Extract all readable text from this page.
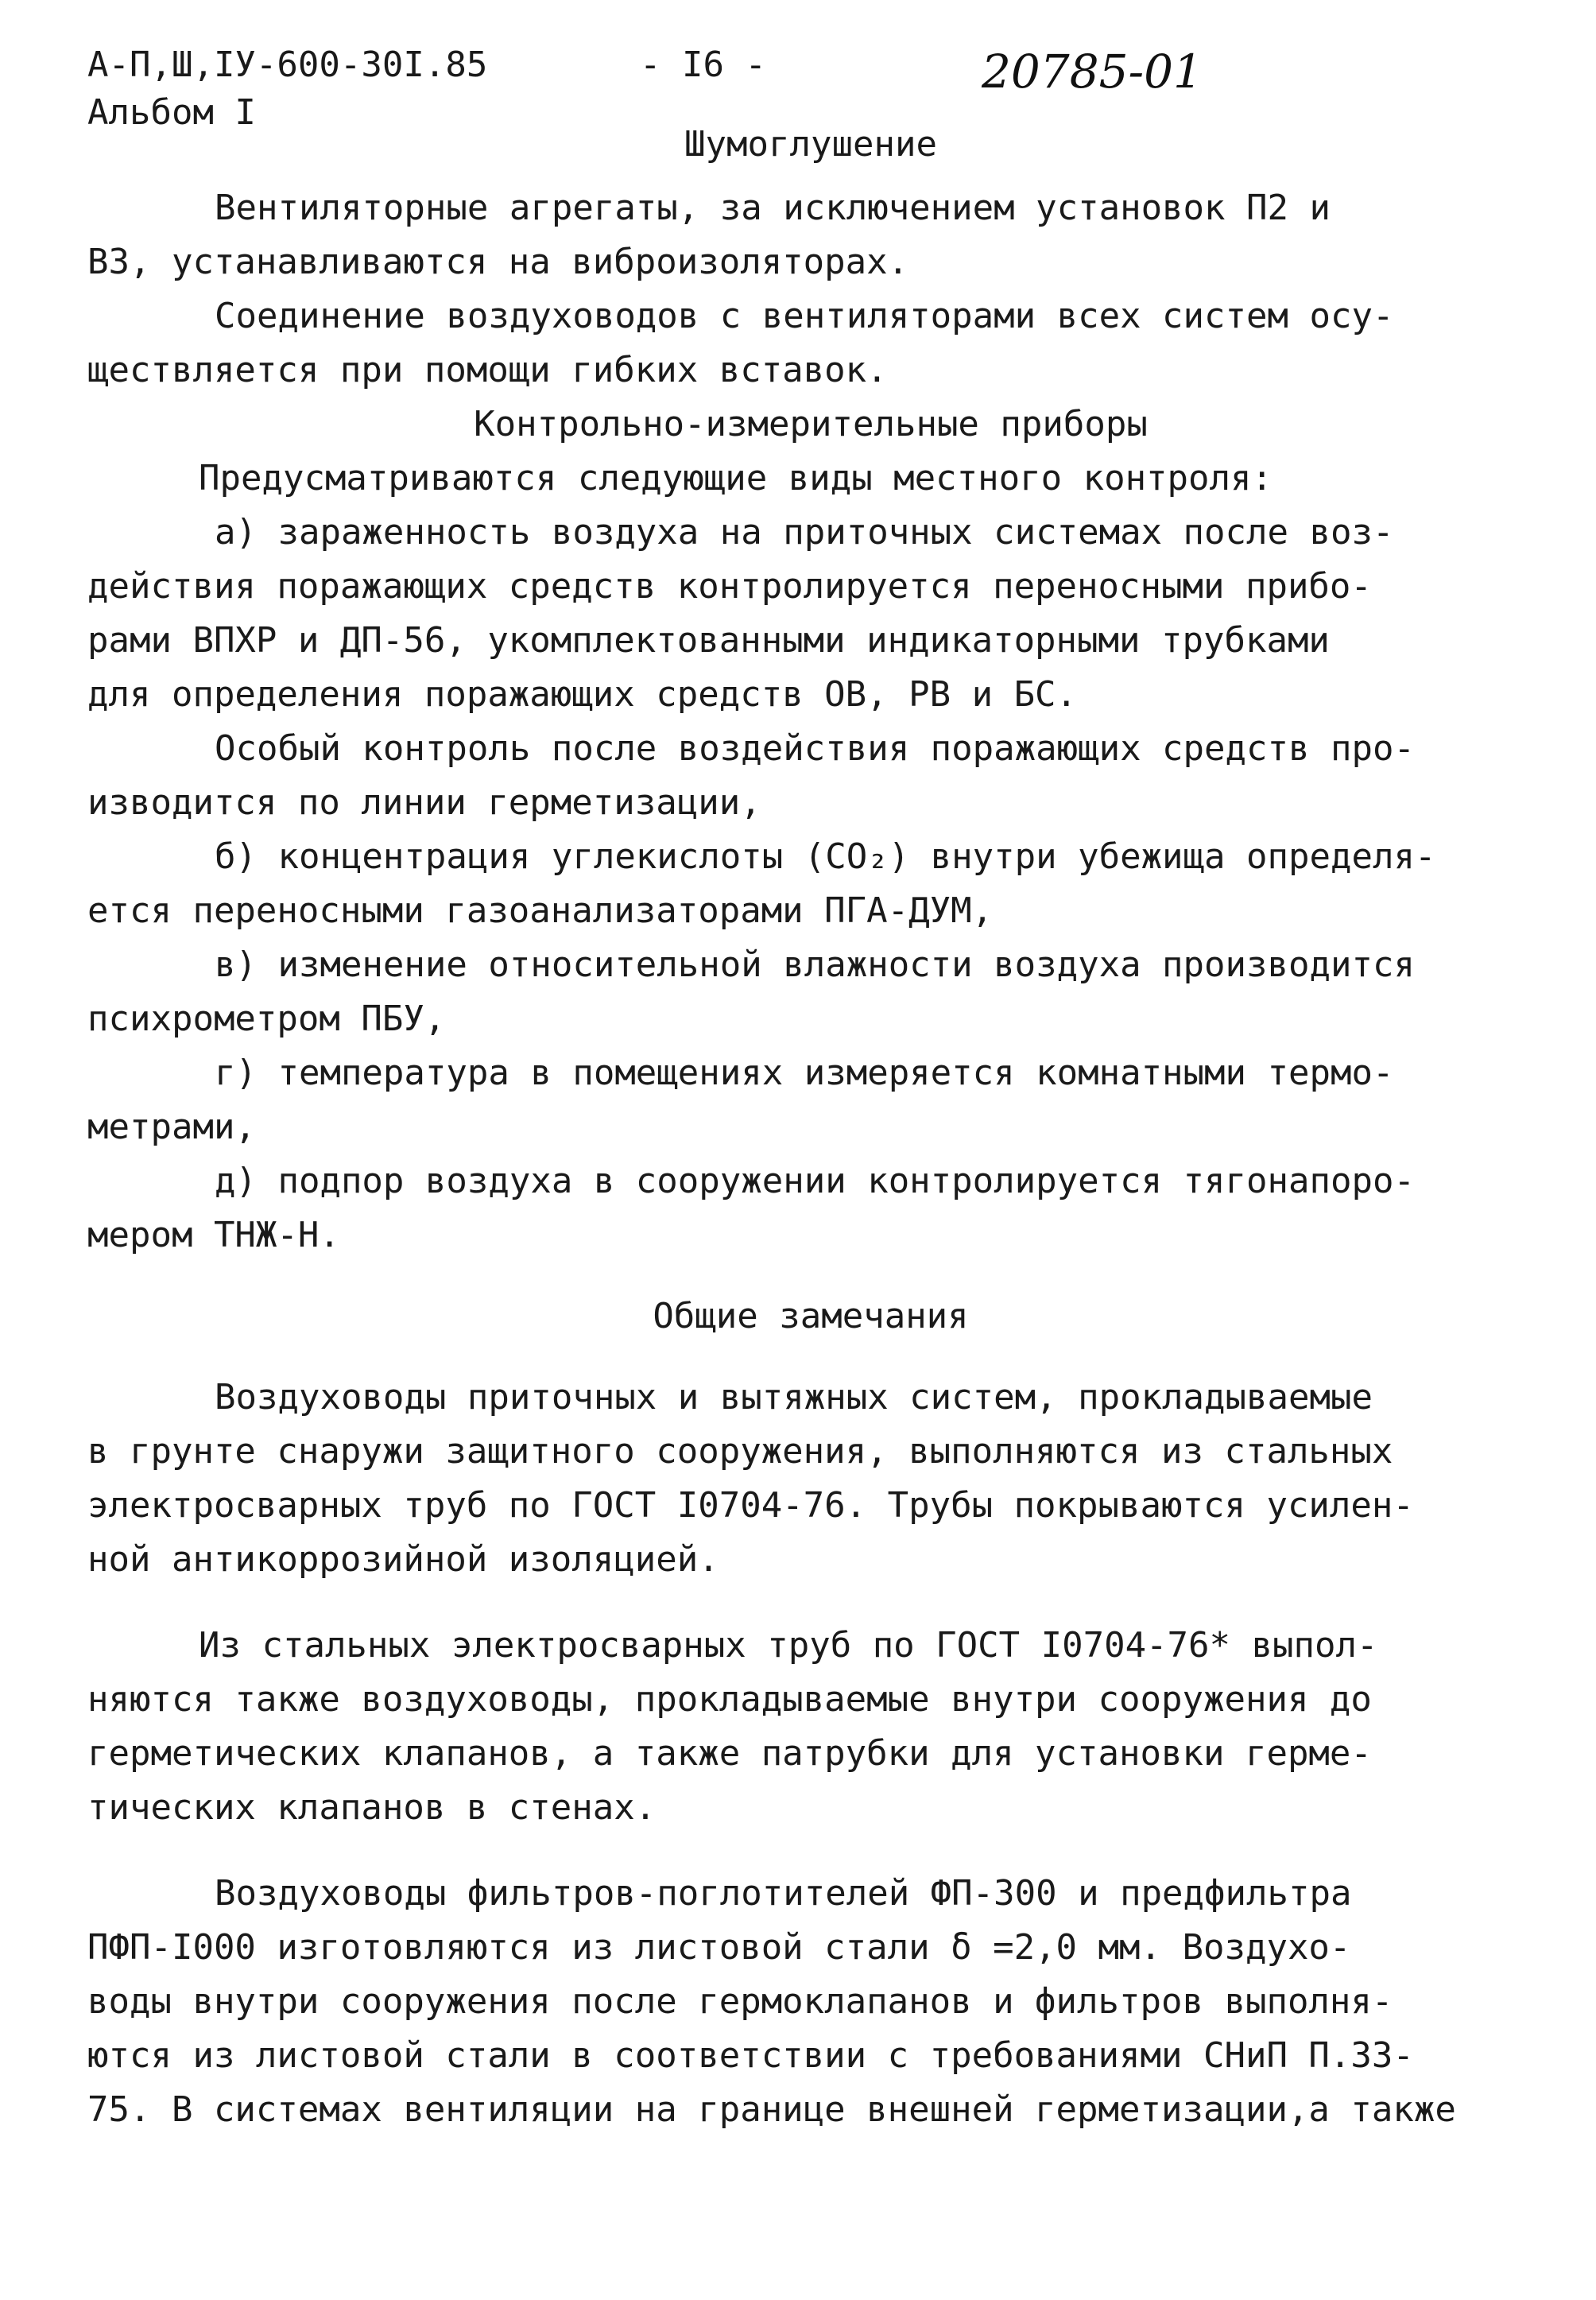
А-П,Ш,IУ-600-30I.85
Альбом I
- I6 -	20785-01
Шумоглушение

Вентиляторные агрегаты, за исключением установок П2 и
В3, устанавливаются на виброизоляторах.

Соединение воздуховодов с вентиляторами всех систем осу-
ществляется при помощи гибких вставок.

Контрольно-измерительные приборы

Предусматриваются следующие виды местного контроля:

а) зараженность воздуха на приточных системах после воз-
действия поражающих средств контролируется переносными прибо-
рами ВПХР и ДП-56, укомплектованными индикаторными трубками
для определения поражающих средств ОВ, РВ и БС.

Особый контроль после воздействия поражающих средств про-
изводится по линии герметизации,

б) концентрация углекислоты (СО₂) внутри убежища определя-
ется переносными газоанализаторами ПГА-ДУМ,

в) изменение относительной влажности воздуха производится
психрометром ПБУ,

г) температура в помещениях измеряется комнатными термо-
метрами,

д) подпор воздуха в сооружении контролируется тягонапоро-
мером ТНЖ-Н.

Общие замечания

Воздуховоды приточных и вытяжных систем, прокладываемые
в грунте снаружи защитного сооружения, выполняются из стальных
электросварных труб по ГОСТ I0704-76. Трубы покрываются усилен-
ной антикоррозийной изоляцией.

Из стальных электросварных труб по ГОСТ I0704-76* выпол-
няются также воздуховоды, прокладываемые внутри сооружения до
герметических клапанов, а также патрубки для установки герме-
тических клапанов в стенах.

Воздуховоды фильтров-поглотителей ФП-300 и предфильтра
ПФП-I000 изготовляются из листовой стали δ =2,0 мм. Воздухо-
воды внутри сооружения после гермоклапанов и фильтров выполня-
ются из листовой стали в соответствии с требованиями СНиП П.33-
75. В системах вентиляции на границе внешней герметизации,а также
